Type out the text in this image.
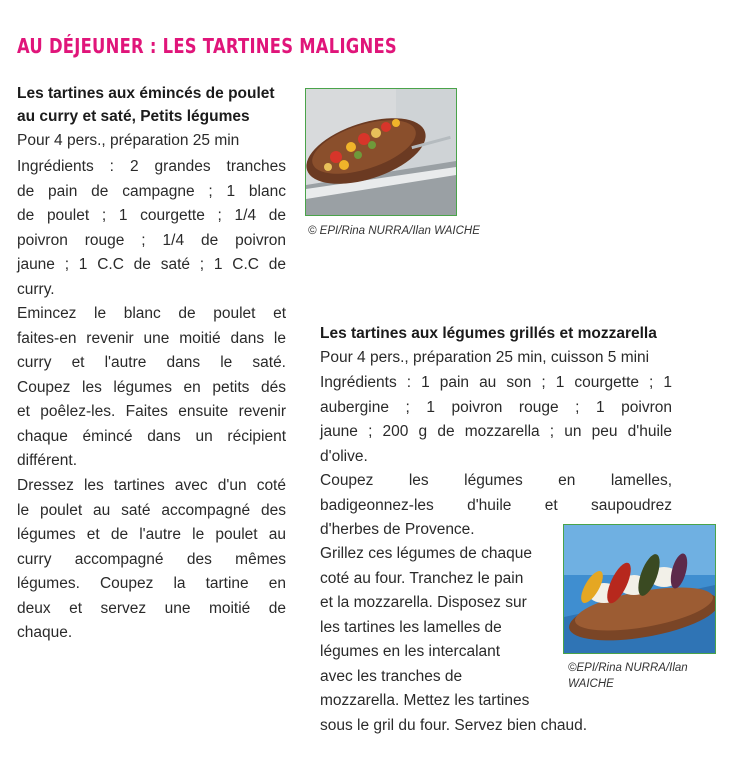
AU DÉJEUNER : LES TARTINES MALIGNES
Les tartines aux émincés de poulet
au curry et saté, Petits légumes
Pour 4 pers., préparation 25 min
Ingrédients : 2 grandes tranches
de pain de campagne ; 1 blanc
de poulet ; 1 courgette ; 1/4 de
poivron rouge ; 1/4 de poivron
jaune ; 1 C.C de saté ; 1 C.C de
curry.
Emincez le blanc de poulet et
faites-en revenir une moitié dans le
curry et l'autre dans le saté.
Coupez les légumes en petits dés
et poêlez-les. Faites ensuite revenir
chaque émincé dans un récipient
différent.
Dressez les tartines avec d'un coté
le poulet au saté accompagné des
légumes et de l'autre le poulet au
curry accompagné des mêmes
légumes. Coupez la tartine en
deux et servez une moitié de
chaque.
© EPI/Rina NURRA/Ilan WAICHE
Les tartines aux légumes grillés et mozzarella
Pour 4 pers., préparation 25 min, cuisson 5 mini
Ingrédients : 1 pain au son ; 1 courgette ; 1
aubergine ; 1 poivron rouge ; 1 poivron
jaune ; 200 g de mozzarella ; un peu d'huile
d'olive.
Coupez les légumes en lamelles,
badigeonnez-les d'huile et saupoudrez
d'herbes de Provence.
Grillez ces légumes de chaque
coté au four. Tranchez le pain
et la mozzarella. Disposez sur
les tartines les lamelles de
légumes en les intercalant
avec les tranches de
mozzarella. Mettez les tartines
sous le gril du four. Servez bien chaud.
©EPI/Rina NURRA/Ilan
WAICHE
